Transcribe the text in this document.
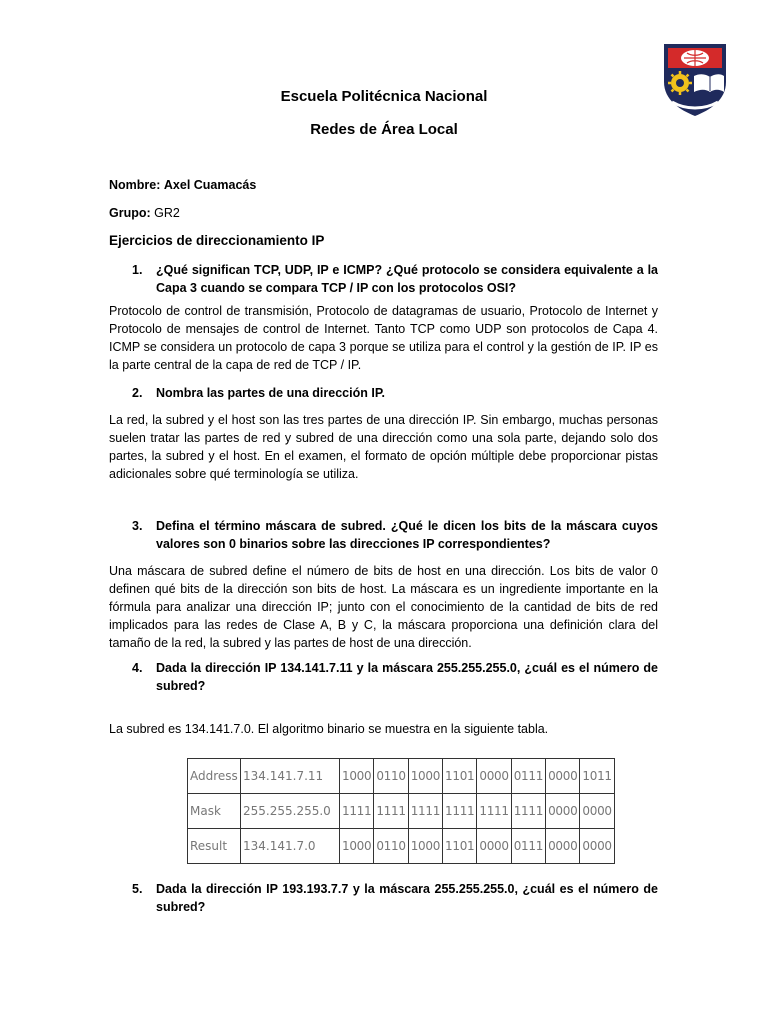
Escuela Politécnica Nacional
Redes de Área Local
Nombre: Axel Cuamacás
Grupo: GR2
Ejercicios de direccionamiento IP
1.	¿Qué significan TCP, UDP, IP e ICMP? ¿Qué protocolo se considera equivalente a la Capa 3 cuando se compara TCP / IP con los protocolos OSI?
Protocolo de control de transmisión, Protocolo de datagramas de usuario, Protocolo de Internet y Protocolo de mensajes de control de Internet. Tanto TCP como UDP son protocolos de Capa 4. ICMP se considera un protocolo de capa 3 porque se utiliza para el control y la gestión de IP. IP es la parte central de la capa de red de TCP / IP.
2.	Nombra las partes de una dirección IP.
La red, la subred y el host son las tres partes de una dirección IP. Sin embargo, muchas personas suelen tratar las partes de red y subred de una dirección como una sola parte, dejando solo dos partes, la subred y el host. En el examen, el formato de opción múltiple debe proporcionar pistas adicionales sobre qué terminología se utiliza.
3.	Defina el término máscara de subred. ¿Qué le dicen los bits de la máscara cuyos valores son 0 binarios sobre las direcciones IP correspondientes?
Una máscara de subred define el número de bits de host en una dirección. Los bits de valor 0 definen qué bits de la dirección son bits de host. La máscara es un ingrediente importante en la fórmula para analizar una dirección IP; junto con el conocimiento de la cantidad de bits de red implicados para las redes de Clase A, B y C, la máscara proporciona una definición clara del tamaño de la red, la subred y las partes de host de una dirección.
4.	Dada la dirección IP 134.141.7.11 y la máscara 255.255.255.0, ¿cuál es el número de subred?
La subred es 134.141.7.0. El algoritmo binario se muestra en la siguiente tabla.
Address	134.141.7.11	1000	0110	1000	1101	0000	0111	0000	1011
Mask	255.255.255.0	1111	1111	1111	1111	1111	1111	0000	0000
Result	134.141.7.0	1000	0110	1000	1101	0000	0111	0000	0000
5.	Dada la dirección IP 193.193.7.7 y la máscara 255.255.255.0, ¿cuál es el número de subred?
